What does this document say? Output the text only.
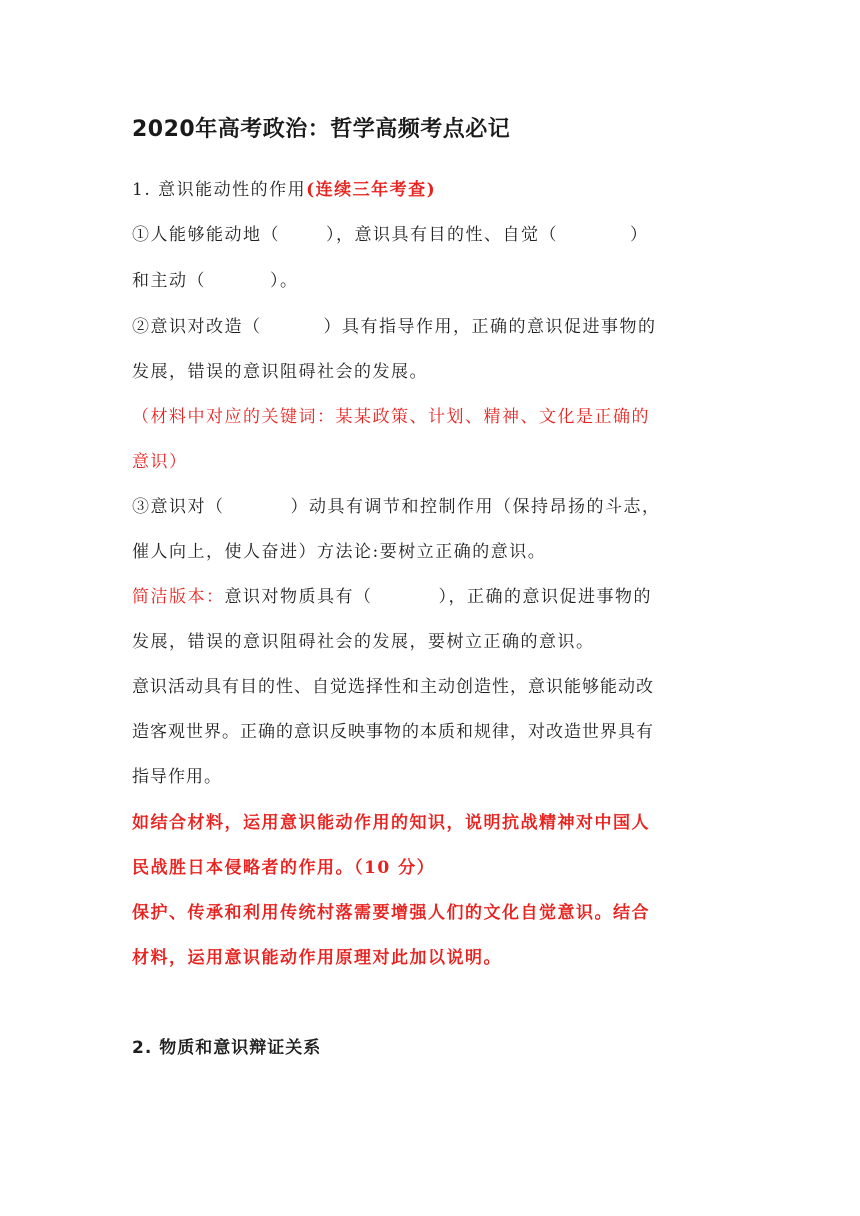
2020年高考政治：哲学高频考点必记
1. 意识能动性的作用(连续三年考查)
①人能够能动地（	），意识具有目的性、自觉（	）
和主动（	）。
②意识对改造（	）具有指导作用，正确的意识促进事物的
发展，错误的意识阻碍社会的发展。
（材料中对应的关键词：某某政策、计划、精神、文化是正确的
意识）
③意识对（	）动具有调节和控制作用（保持昂扬的斗志，
催人向上，使人奋进）方法论:要树立正确的意识。
简洁版本：意识对物质具有（	），正确的意识促进事物的
发展，错误的意识阻碍社会的发展，要树立正确的意识。
意识活动具有目的性、自觉选择性和主动创造性，意识能够能动改
造客观世界。正确的意识反映事物的本质和规律，对改造世界具有
指导作用。
如结合材料，运用意识能动作用的知识，说明抗战精神对中国人
民战胜日本侵略者的作用。（10 分）
保护、传承和利用传统村落需要增强人们的文化自觉意识。结合
材料，运用意识能动作用原理对此加以说明。
2. 物质和意识辩证关系
